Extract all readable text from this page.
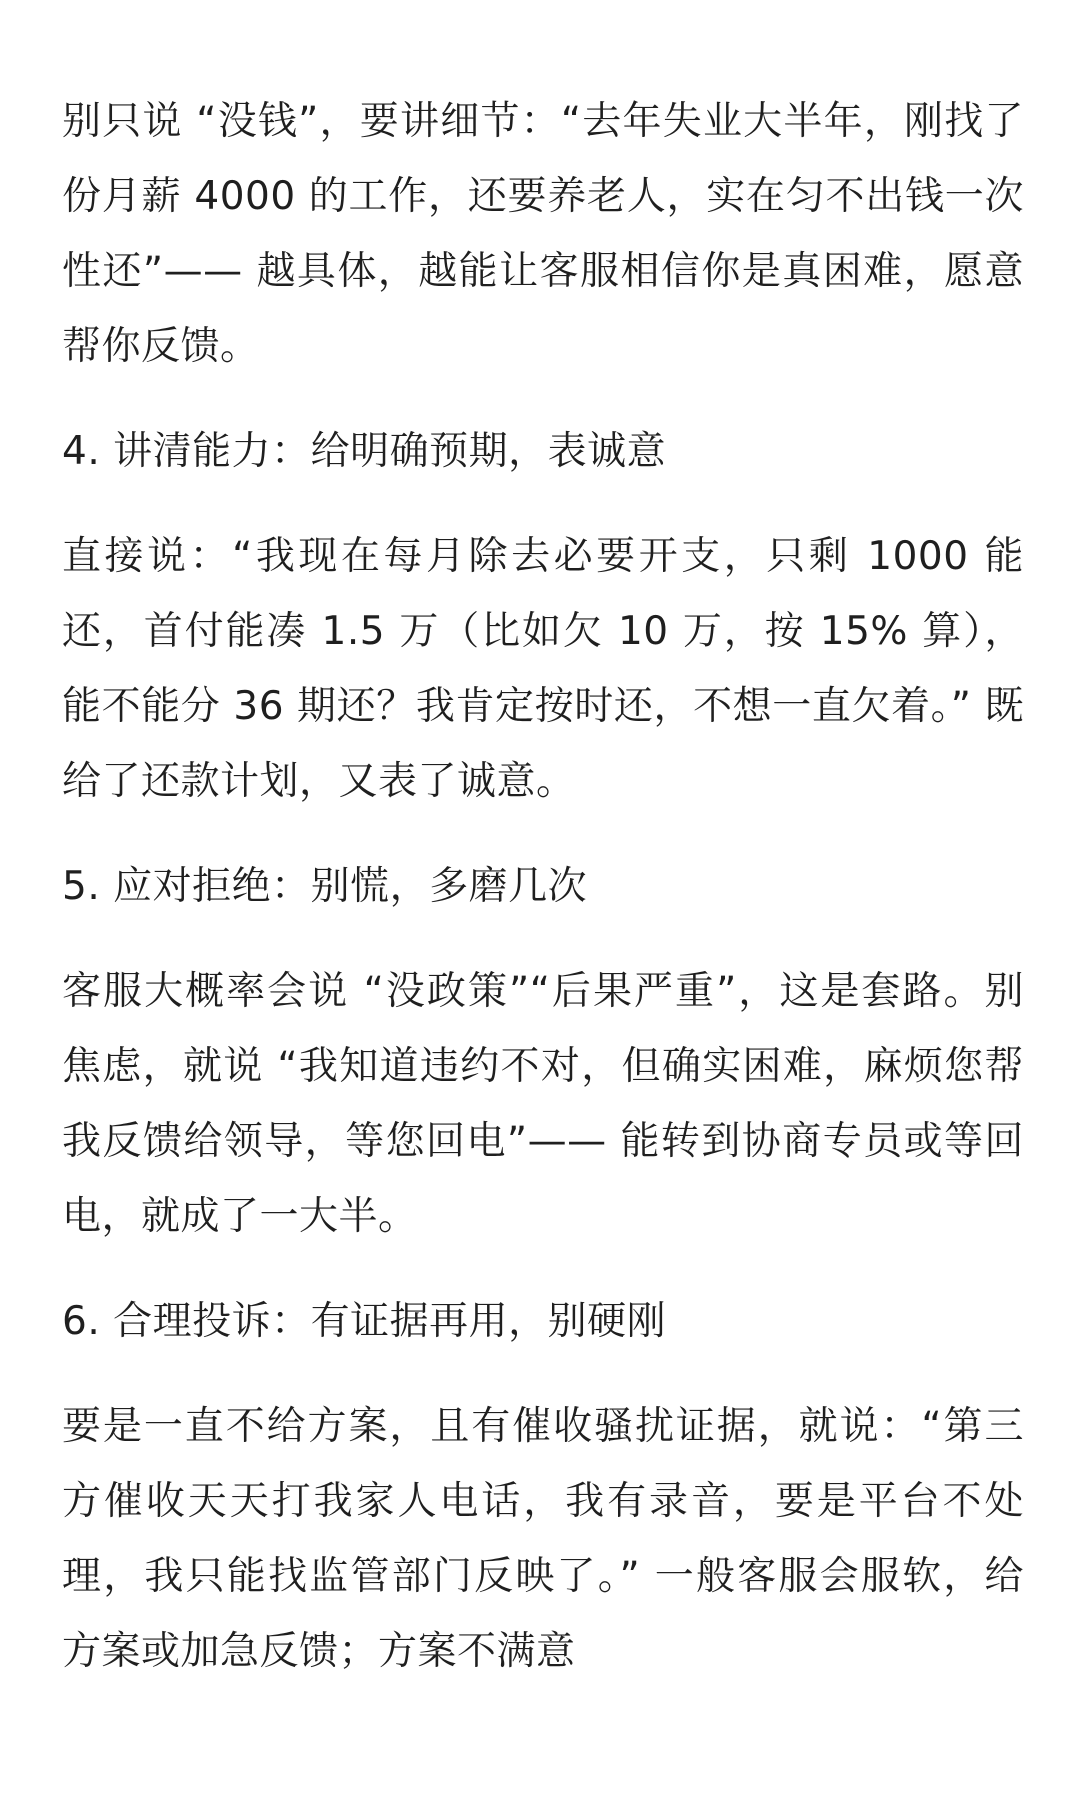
别只说 “没钱”，要讲细节：“去年失业大半年，刚找了份月薪 4000 的工作，还要养老人，实在匀不出钱一次性还”—— 越具体，越能让客服相信你是真困难，愿意帮你反馈。

4. 讲清能力：给明确预期，表诚意

直接说：“我现在每月除去必要开支，只剩 1000 能还，首付能凑 1.5 万（比如欠 10 万，按 15% 算），能不能分 36 期还？我肯定按时还，不想一直欠着。” 既给了还款计划，又表了诚意。

5. 应对拒绝：别慌，多磨几次

客服大概率会说 “没政策”“后果严重”，这是套路。别焦虑，就说 “我知道违约不对，但确实困难，麻烦您帮我反馈给领导，等您回电”—— 能转到协商专员或等回电，就成了一大半。

6. 合理投诉：有证据再用，别硬刚

要是一直不给方案，且有催收骚扰证据，就说：“第三方催收天天打我家人电话，我有录音，要是平台不处理，我只能找监管部门反映了。” 一般客服会服软，给方案或加急反馈；方案不满意
